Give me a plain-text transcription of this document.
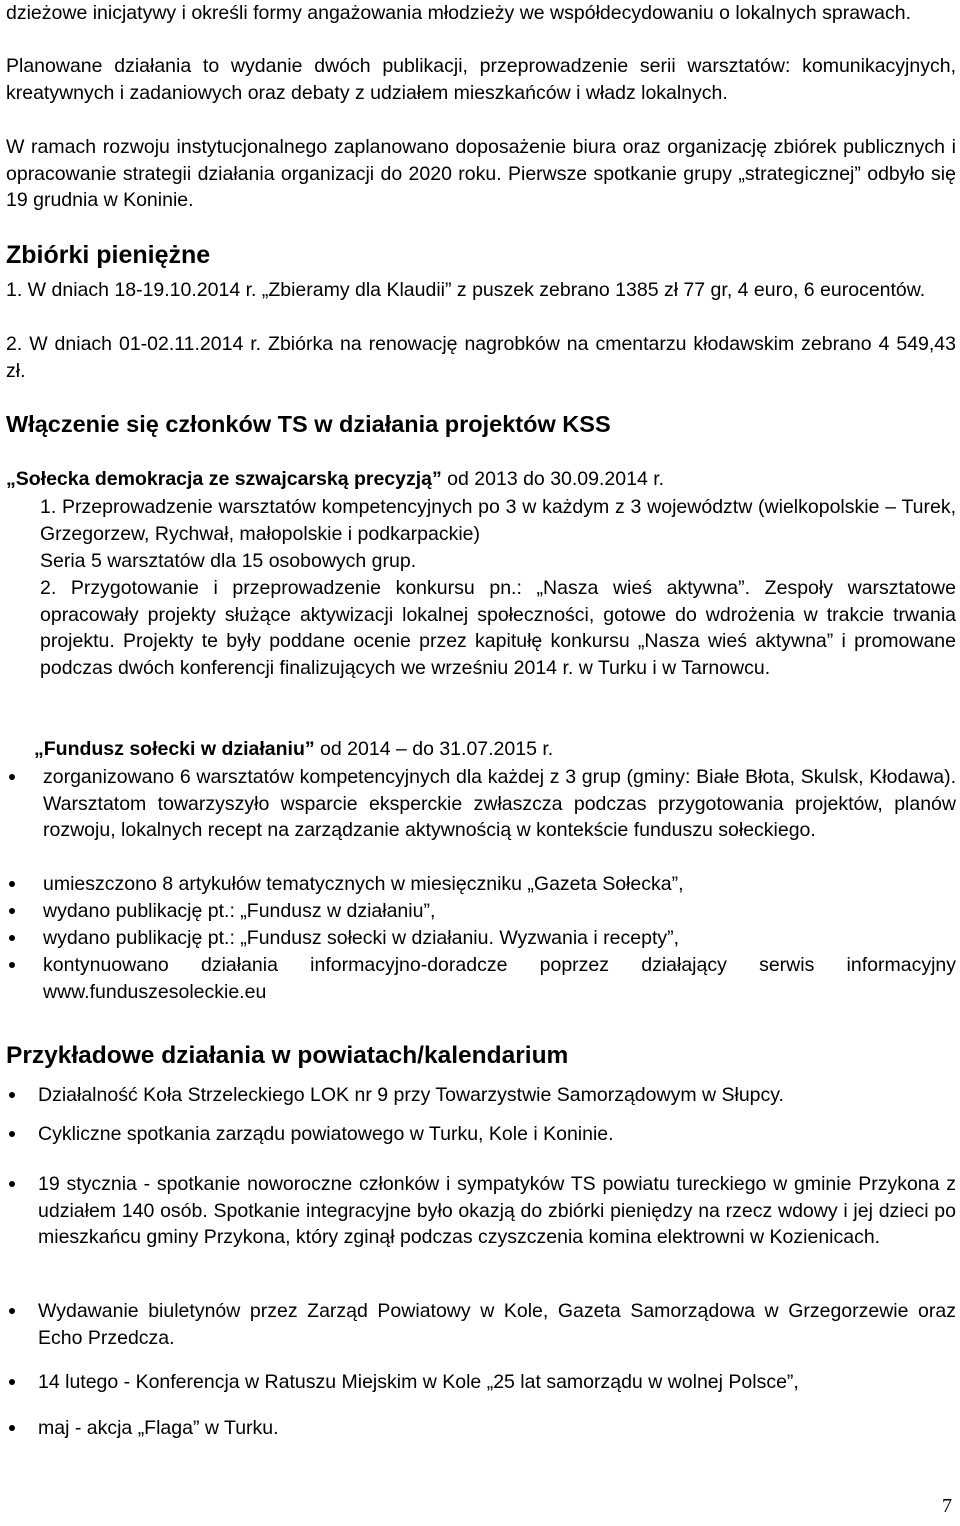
dzieżowe inicjatywy i określi formy angażowania młodzieży we współdecydowaniu o lokalnych sprawach.

Planowane działania to wydanie dwóch publikacji, przeprowadzenie serii warsztatów: komunikacyjnych, kreatywnych i zadaniowych oraz debaty z udziałem mieszkańców i władz lokalnych.

W ramach rozwoju instytucjonalnego zaplanowano doposażenie biura oraz organizację zbiórek publicznych i opracowanie strategii działania organizacji do 2020 roku. Pierwsze spotkanie grupy „strategicznej” odbyło się 19 grudnia w Koninie.

Zbiórki pieniężne

1. W dniach 18-19.10.2014 r. „Zbieramy dla Klaudii” z puszek zebrano 1385 zł 77 gr, 4 euro, 6 eurocentów.

2. W dniach 01-02.11.2014 r. Zbiórka na renowację nagrobków na cmentarzu kłodawskim zebrano 4 549,43 zł.

Włączenie się członków TS w działania projektów KSS

„Sołecka demokracja ze szwajcarską precyzją” od 2013 do 30.09.2014 r.

1. Przeprowadzenie warsztatów kompetencyjnych po 3 w każdym z 3 województw (wielkopolskie – Turek, Grzegorzew, Rychwał, małopolskie i podkarpackie)

Seria 5 warsztatów dla 15 osobowych grup.

2. Przygotowanie i przeprowadzenie konkursu pn.: „Nasza wieś aktywna”. Zespoły warsztatowe opracowały projekty służące aktywizacji lokalnej społeczności, gotowe do wdrożenia w trakcie trwania projektu. Projekty te były poddane ocenie przez kapitułę konkursu „Nasza wieś aktywna” i promowane podczas dwóch konferencji finalizujących we wrześniu 2014 r. w Turku i w Tarnowcu.

„Fundusz sołecki w działaniu” od 2014 – do 31.07.2015 r.

zorganizowano 6 warsztatów kompetencyjnych dla każdej z 3 grup (gminy: Białe Błota, Skulsk, Kłodawa). Warsztatom towarzyszyło wsparcie eksperckie zwłaszcza podczas przygotowania projektów, planów rozwoju, lokalnych recept na zarządzanie aktywnością w kontekście funduszu sołeckiego.

umieszczono 8 artykułów tematycznych w miesięczniku „Gazeta Sołecka”,

wydano publikację pt.: „Fundusz w działaniu”,

wydano publikację pt.: „Fundusz sołecki w działaniu. Wyzwania i recepty”,

kontynuowano działania informacyjno-doradcze poprzez działający serwis informacyjny www.funduszesoleckie.eu

Przykładowe działania w powiatach/kalendarium

Działalność Koła Strzeleckiego LOK nr 9 przy Towarzystwie Samorządowym w Słupcy.

Cykliczne spotkania zarządu powiatowego w Turku, Kole i Koninie.

19 stycznia - spotkanie noworoczne członków i sympatyków TS powiatu tureckiego w gminie Przykona z udziałem 140 osób. Spotkanie integracyjne było okazją do zbiórki pieniędzy na rzecz wdowy i jej dzieci po mieszkańcu gminy Przykona, który zginął podczas czyszczenia komina elektrowni w Kozienicach.

Wydawanie biuletynów przez Zarząd Powiatowy w Kole, Gazeta Samorządowa w Grzegorzewie oraz Echo Przedcza.

14 lutego - Konferencja w Ratuszu Miejskim w Kole „25 lat samorządu w wolnej Polsce”,

maj - akcja „Flaga” w Turku.

7
